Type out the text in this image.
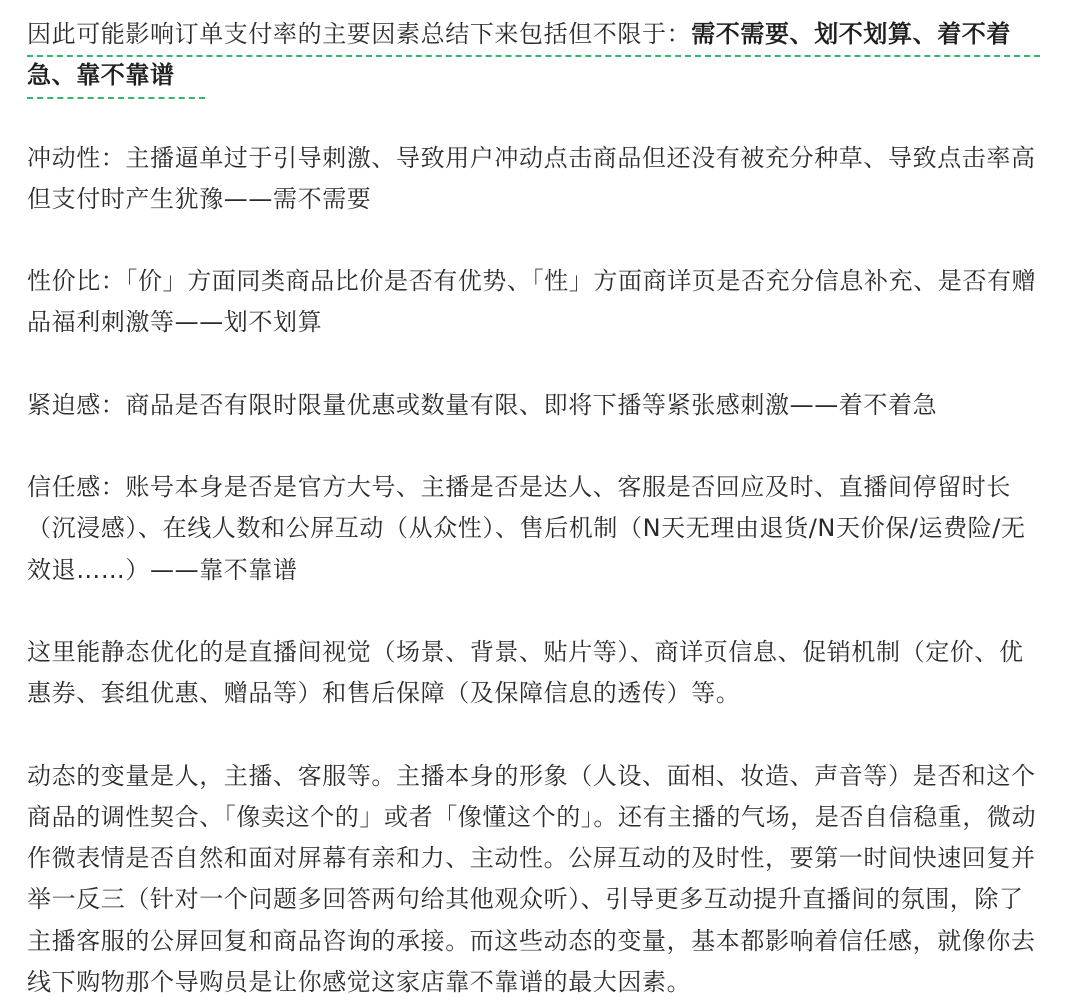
因此可能影响订单支付率的主要因素总结下来包括但不限于：需不需要、划不划算、着不着急、靠不靠谱

冲动性：主播逼单过于引导刺激、导致用户冲动点击商品但还没有被充分种草、导致点击率高但支付时产生犹豫——需不需要

性价比：「价」方面同类商品比价是否有优势、「性」方面商详页是否充分信息补充、是否有赠品福利刺激等——划不划算

紧迫感：商品是否有限时限量优惠或数量有限、即将下播等紧张感刺激——着不着急

信任感：账号本身是否是官方大号、主播是否是达人、客服是否回应及时、直播间停留时长（沉浸感）、在线人数和公屏互动（从众性）、售后机制（N天无理由退货/N天价保/运费险/无效退……）——靠不靠谱

这里能静态优化的是直播间视觉（场景、背景、贴片等）、商详页信息、促销机制（定价、优惠券、套组优惠、赠品等）和售后保障（及保障信息的透传）等。

动态的变量是人，主播、客服等。主播本身的形象（人设、面相、妆造、声音等）是否和这个商品的调性契合、「像卖这个的」或者「像懂这个的」。还有主播的气场，是否自信稳重，微动作微表情是否自然和面对屏幕有亲和力、主动性。公屏互动的及时性，要第一时间快速回复并举一反三（针对一个问题多回答两句给其他观众听）、引导更多互动提升直播间的氛围，除了主播客服的公屏回复和商品咨询的承接。而这些动态的变量，基本都影响着信任感，就像你去线下购物那个导购员是让你感觉这家店靠不靠谱的最大因素。
